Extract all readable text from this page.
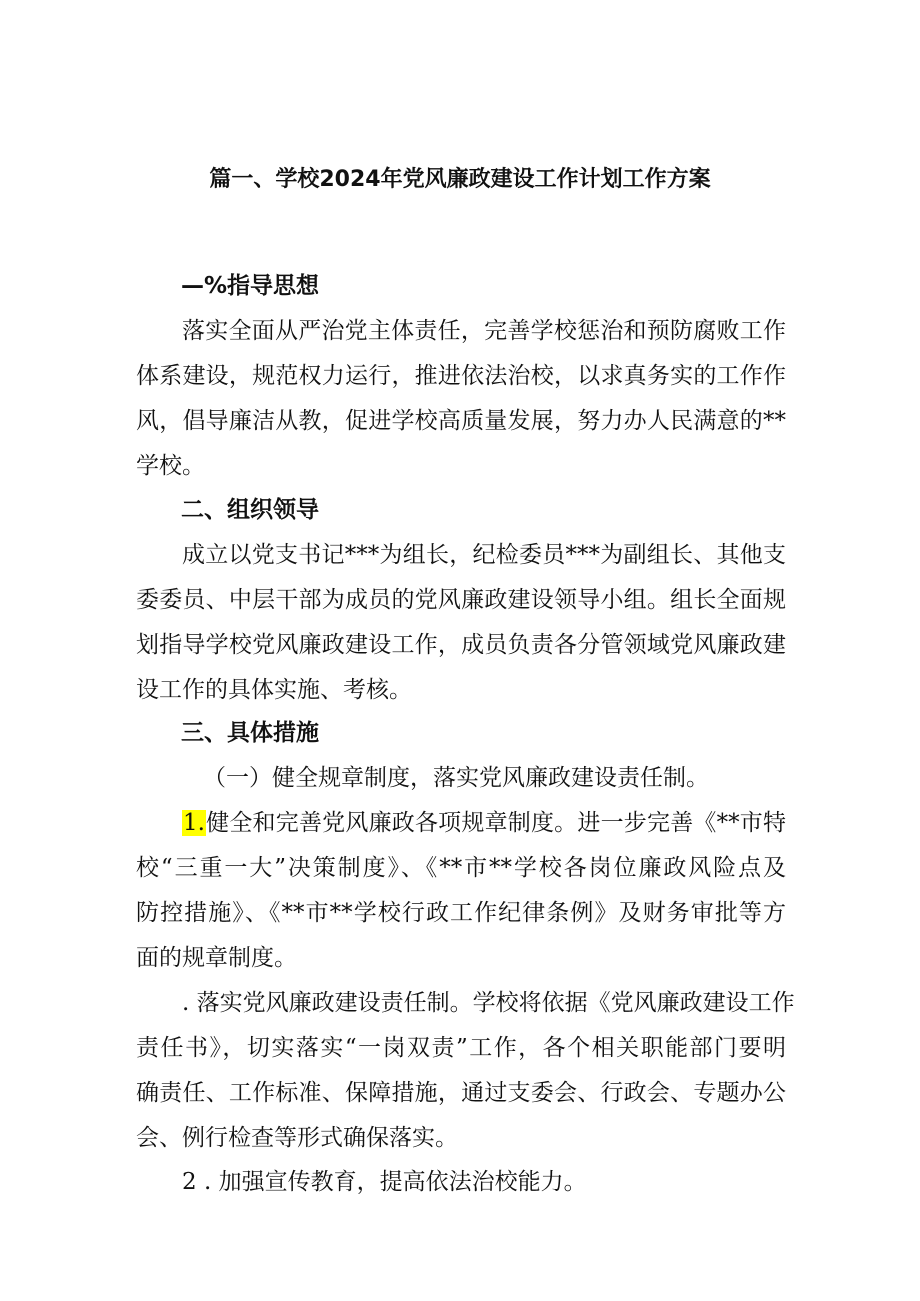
篇一、学校2024年党风廉政建设工作计划工作方案
—%指导思想
落实全面从严治党主体责任，完善学校惩治和预防腐败工作
体系建设，规范权力运行，推进依法治校，以求真务实的工作作
风，倡导廉洁从教，促进学校高质量发展，努力办人民满意的**
学校。
二、组织领导
成立以党支书记***为组长，纪检委员***为副组长、其他支
委委员、中层干部为成员的党风廉政建设领导小组。组长全面规
划指导学校党风廉政建设工作，成员负责各分管领域党风廉政建
设工作的具体实施、考核。
三、具体措施
（一）健全规章制度，落实党风廉政建设责任制。
1.健全和完善党风廉政各项规章制度。进一步完善《**市特
校“三重一大”决策制度》、《**市**学校各岗位廉政风险点及
防控措施》、《**市**学校行政工作纪律条例》及财务审批等方
面的规章制度。
. 落实党风廉政建设责任制。学校将依据《党风廉政建设工作
责任书》，切实落实“一岗双责”工作，各个相关职能部门要明
确责任、工作标准、保障措施，通过支委会、行政会、专题办公
会、例行检查等形式确保落实。
2 . 加强宣传教育，提高依法治校能力。
